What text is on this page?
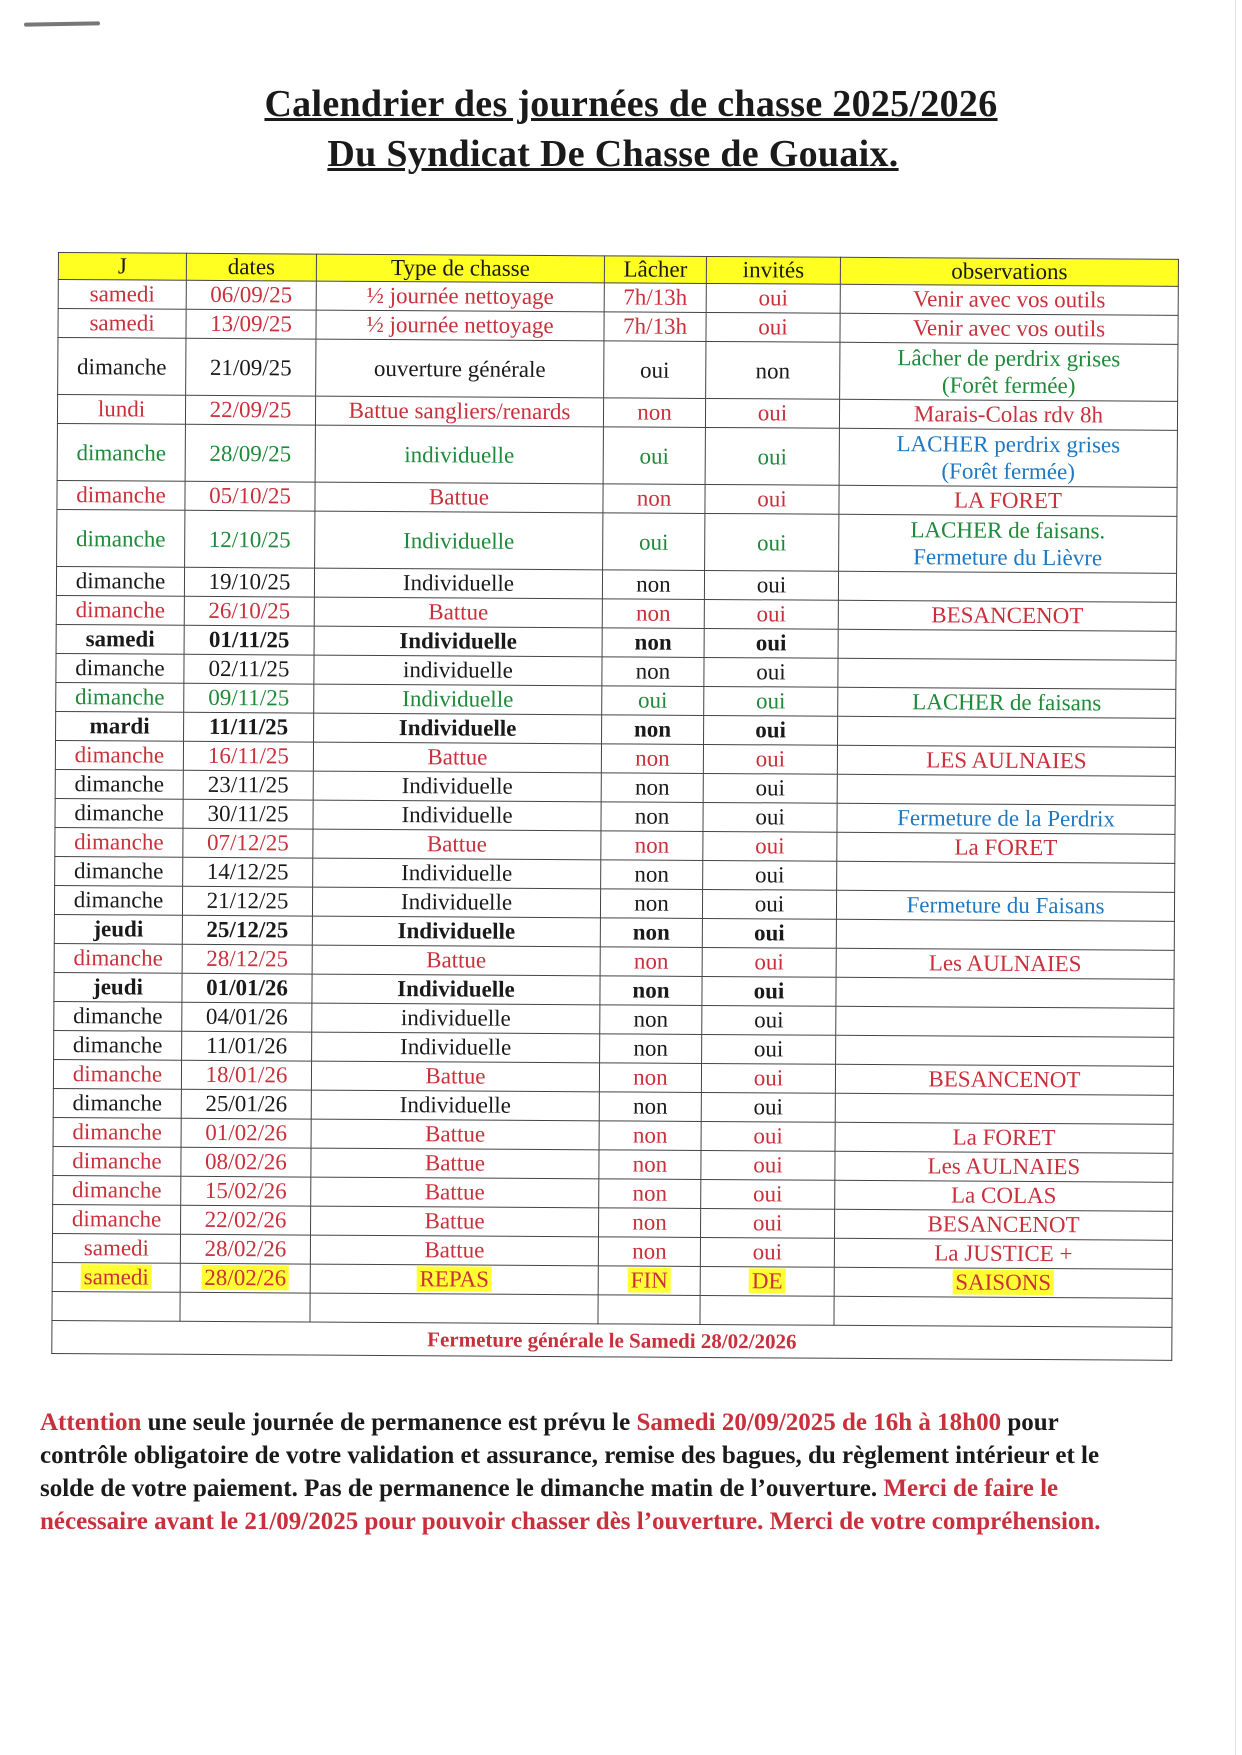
Calendrier des journées de chasse 2025/2026
Du Syndicat De Chasse de Gouaix.
J	dates	Type de chasse	Lâcher	invités	observations
samedi	06/09/25	½ journée nettoyage	7h/13h	oui	Venir avec vos outils
samedi	13/09/25	½ journée nettoyage	7h/13h	oui	Venir avec vos outils
dimanche	21/09/25	ouverture générale	oui	non	Lâcher de perdrix grises
(Forêt fermée)
lundi	22/09/25	Battue sangliers/renards	non	oui	Marais-Colas rdv 8h
dimanche	28/09/25	individuelle	oui	oui	LACHER perdrix grises
(Forêt fermée)
dimanche	05/10/25	Battue	non	oui	LA FORET
dimanche	12/10/25	Individuelle	oui	oui	LACHER de faisans.
Fermeture du Lièvre
dimanche	19/10/25	Individuelle	non	oui	
dimanche	26/10/25	Battue	non	oui	BESANCENOT
samedi	01/11/25	Individuelle	non	oui	
dimanche	02/11/25	individuelle	non	oui	
dimanche	09/11/25	Individuelle	oui	oui	LACHER de faisans
mardi	11/11/25	Individuelle	non	oui	
dimanche	16/11/25	Battue	non	oui	LES AULNAIES
dimanche	23/11/25	Individuelle	non	oui	
dimanche	30/11/25	Individuelle	non	oui	Fermeture de la Perdrix
dimanche	07/12/25	Battue	non	oui	La FORET
dimanche	14/12/25	Individuelle	non	oui	
dimanche	21/12/25	Individuelle	non	oui	Fermeture du Faisans
jeudi	25/12/25	Individuelle	non	oui	
dimanche	28/12/25	Battue	non	oui	Les AULNAIES
jeudi	01/01/26	Individuelle	non	oui	
dimanche	04/01/26	individuelle	non	oui	
dimanche	11/01/26	Individuelle	non	oui	
dimanche	18/01/26	Battue	non	oui	BESANCENOT
dimanche	25/01/26	Individuelle	non	oui	
dimanche	01/02/26	Battue	non	oui	La FORET
dimanche	08/02/26	Battue	non	oui	Les AULNAIES
dimanche	15/02/26	Battue	non	oui	La COLAS
dimanche	22/02/26	Battue	non	oui	BESANCENOT
samedi	28/02/26	Battue	non	oui	La JUSTICE +
samedi	28/02/26	REPAS	FIN	DE	SAISONS

Fermeture générale le Samedi 28/02/2026					
Attention une seule journée de permanence est prévu le Samedi 20/09/2025 de 16h à 18h00 pour contrôle obligatoire de votre validation et assurance, remise des bagues, du règlement intérieur et le solde de votre paiement. Pas de permanence le dimanche matin de l’ouverture. Merci de faire le nécessaire avant le 21/09/2025 pour pouvoir chasser dès l’ouverture. Merci de votre compréhension.
